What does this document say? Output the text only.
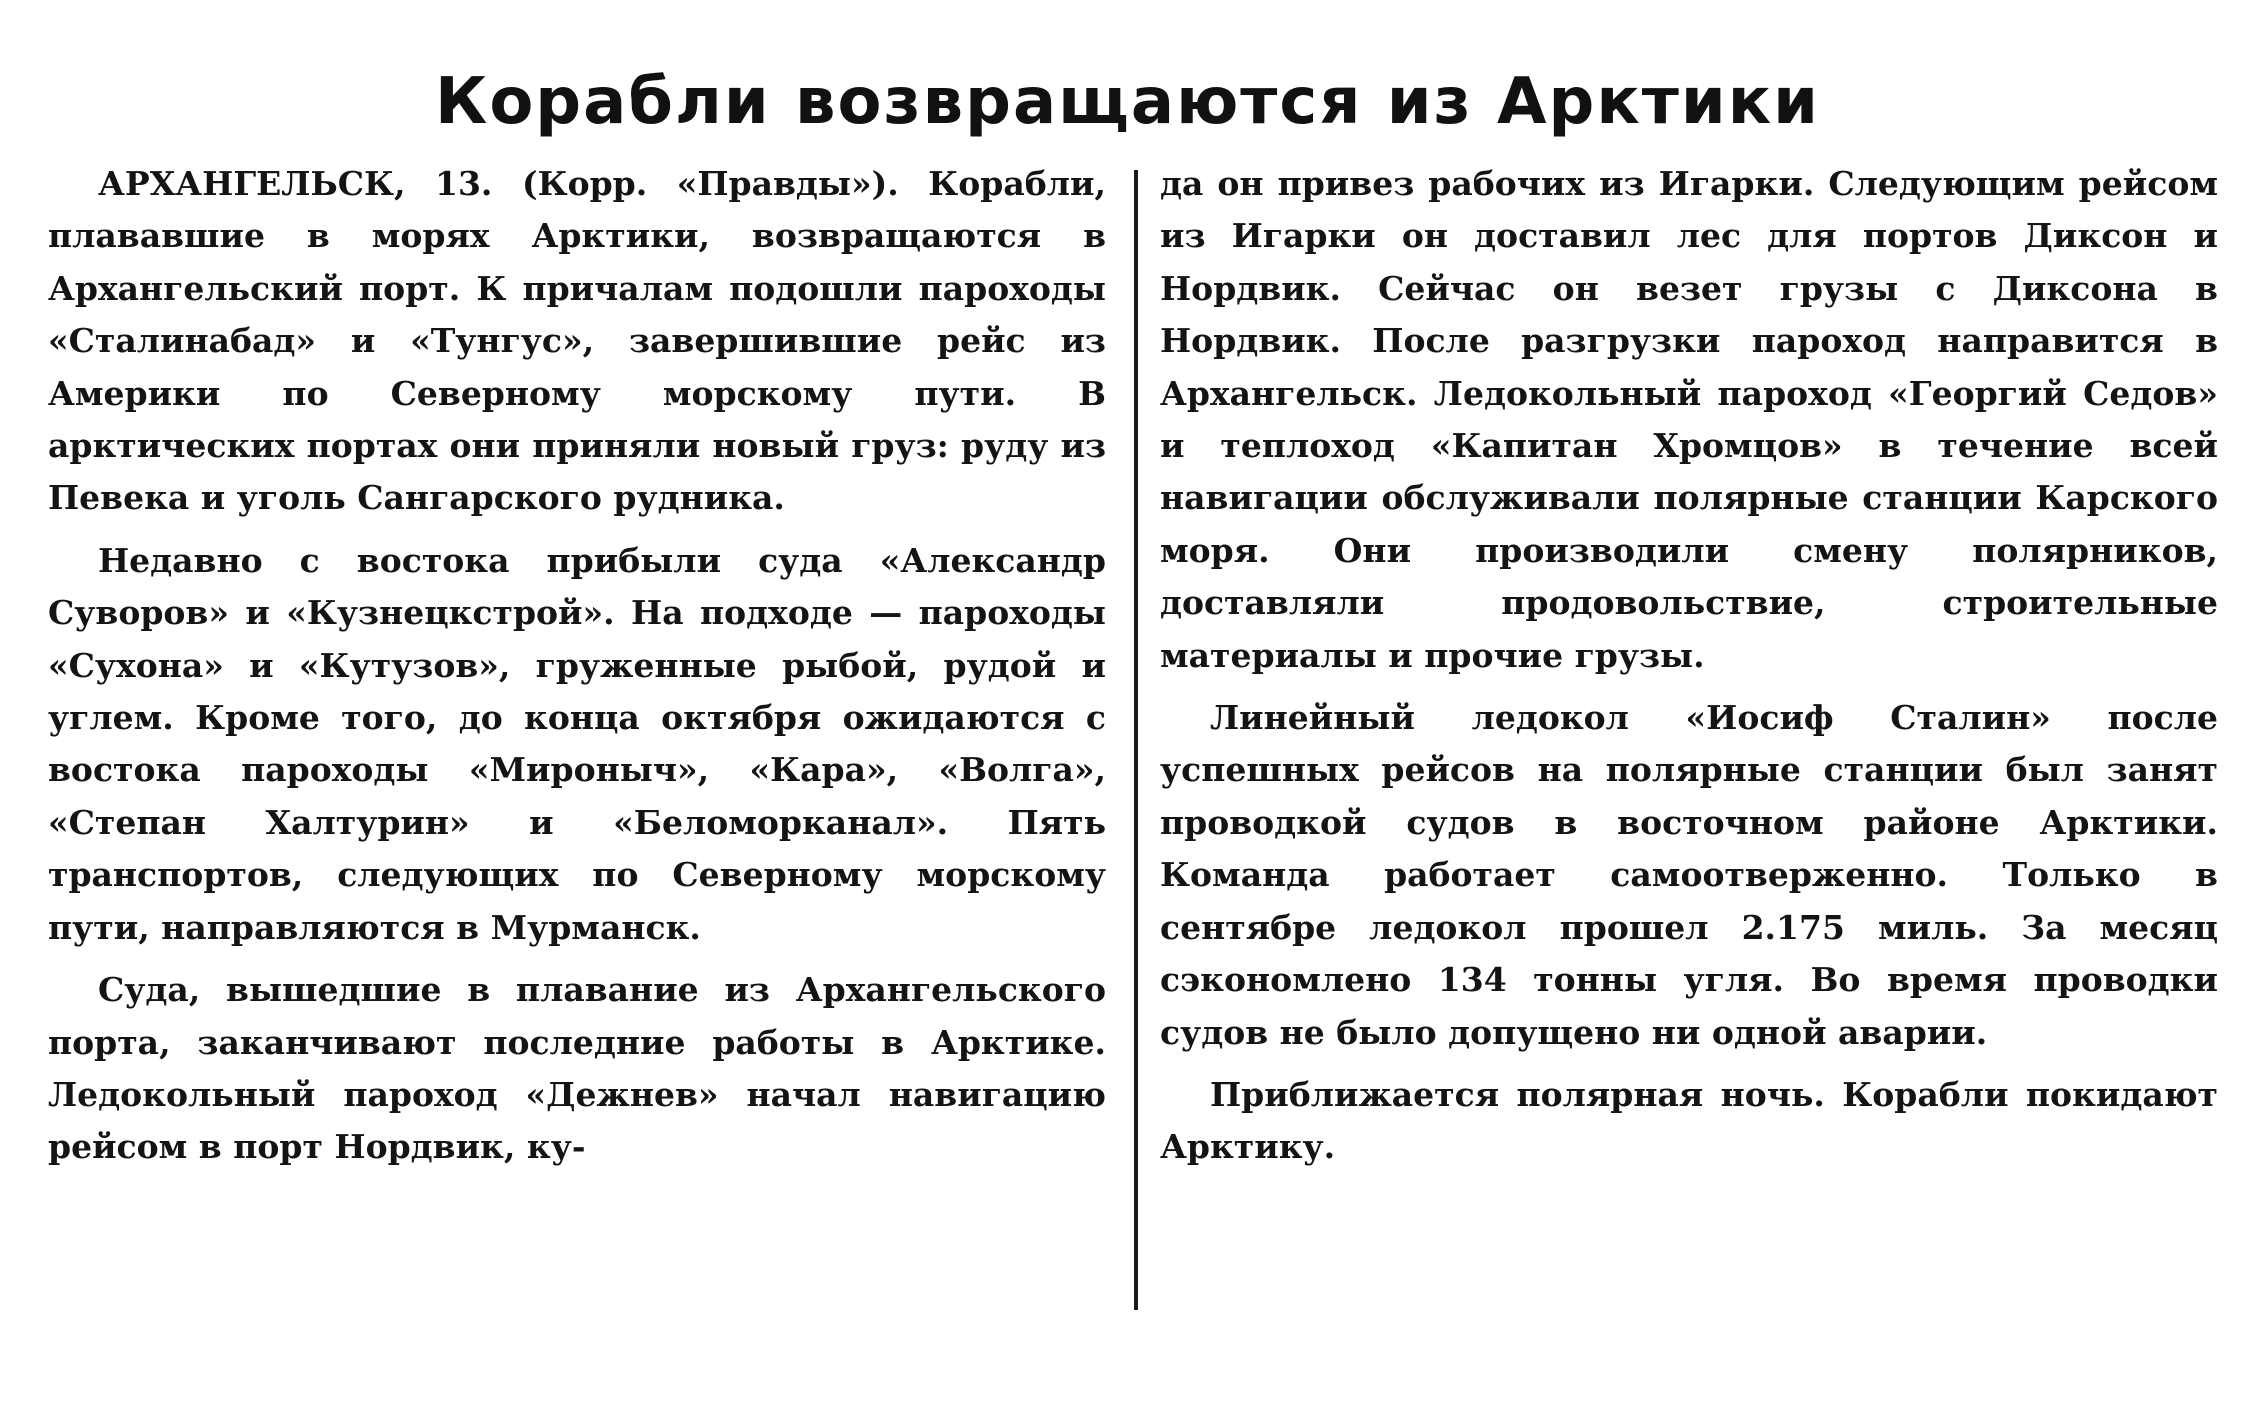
Корабли возвращаются из Арктики

АРХАНГЕЛЬСК, 13. (Корр. «Правды»). Корабли, плававшие в морях Арктики, возвращаются в Архангельский порт. К причалам подошли пароходы «Сталинабад» и «Тунгус», завершившие рейс из Америки по Северному морскому пути. В арктических портах они приняли новый груз: руду из Певека и уголь Сангарского рудника.

Недавно с востока прибыли суда «Александр Суворов» и «Кузнецкстрой». На подходе — пароходы «Сухона» и «Кутузов», груженные рыбой, рудой и углем. Кроме того, до конца октября ожидаются с востока пароходы «Мироныч», «Кара», «Волга», «Степан Халтурин» и «Беломорканал». Пять транспортов, следующих по Северному морскому пути, направляются в Мурманск.

Суда, вышедшие в плавание из Архангельского порта, заканчивают последние работы в Арктике. Ледокольный пароход «Дежнев» начал навигацию рейсом в порт Нордвик, ку-

да он привез рабочих из Игарки. Следующим рейсом из Игарки он доставил лес для портов Диксон и Нордвик. Сейчас он везет грузы с Диксона в Нордвик. После разгрузки пароход направится в Архангельск. Ледокольный пароход «Георгий Седов» и теплоход «Капитан Хромцов» в течение всей навигации обслуживали полярные станции Карского моря. Они производили смену полярников, доставляли продовольствие, строительные материалы и прочие грузы.

Линейный ледокол «Иосиф Сталин» после успешных рейсов на полярные станции был занят проводкой судов в восточном районе Арктики. Команда работает самоотверженно. Только в сентябре ледокол прошел 2.175 миль. За месяц сэкономлено 134 тонны угля. Во время проводки судов не было допущено ни одной аварии.

Приближается полярная ночь. Корабли покидают Арктику.
